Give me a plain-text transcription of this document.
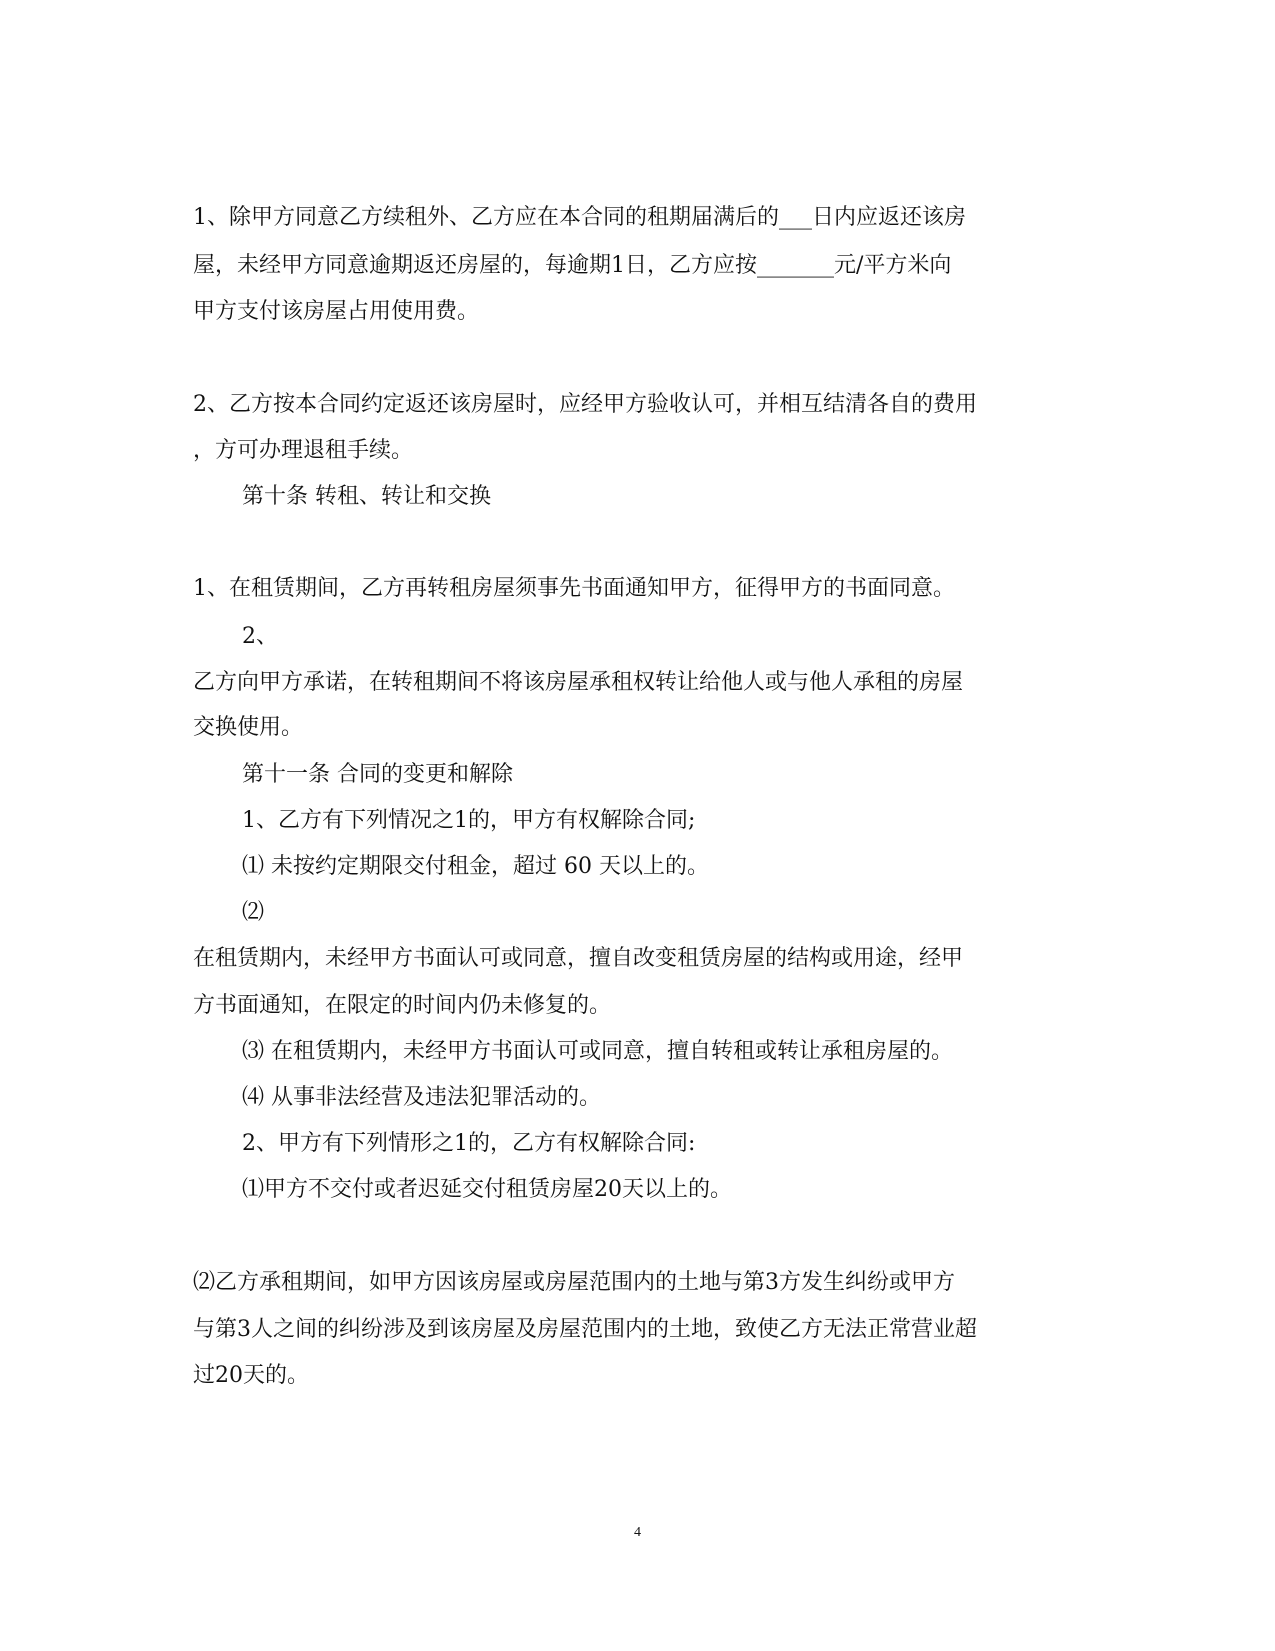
1、除甲方同意乙方续租外、乙方应在本合同的租期届满后的___日内应返还该房

屋，未经甲方同意逾期返还房屋的，每逾期1日，乙方应按_______元/平方米向

甲方支付该房屋占用使用费。

2、乙方按本合同约定返还该房屋时，应经甲方验收认可，并相互结清各自的费用

，方可办理退租手续。

第十条 转租、转让和交换

1、在租赁期间，乙方再转租房屋须事先书面通知甲方，征得甲方的书面同意。

2、

乙方向甲方承诺，在转租期间不将该房屋承租权转让给他人或与他人承租的房屋

交换使用。

第十一条 合同的变更和解除

1、乙方有下列情况之1的，甲方有权解除合同;

⑴ 未按约定期限交付租金，超过 60 天以上的。

⑵

在租赁期内，未经甲方书面认可或同意，擅自改变租赁房屋的结构或用途，经甲

方书面通知，在限定的时间内仍未修复的。

⑶ 在租赁期内，未经甲方书面认可或同意，擅自转租或转让承租房屋的。

⑷ 从事非法经营及违法犯罪活动的。

2、甲方有下列情形之1的，乙方有权解除合同:

⑴甲方不交付或者迟延交付租赁房屋20天以上的。

⑵乙方承租期间，如甲方因该房屋或房屋范围内的土地与第3方发生纠纷或甲方

与第3人之间的纠纷涉及到该房屋及房屋范围内的土地，致使乙方无法正常营业超

过20天的。

4
